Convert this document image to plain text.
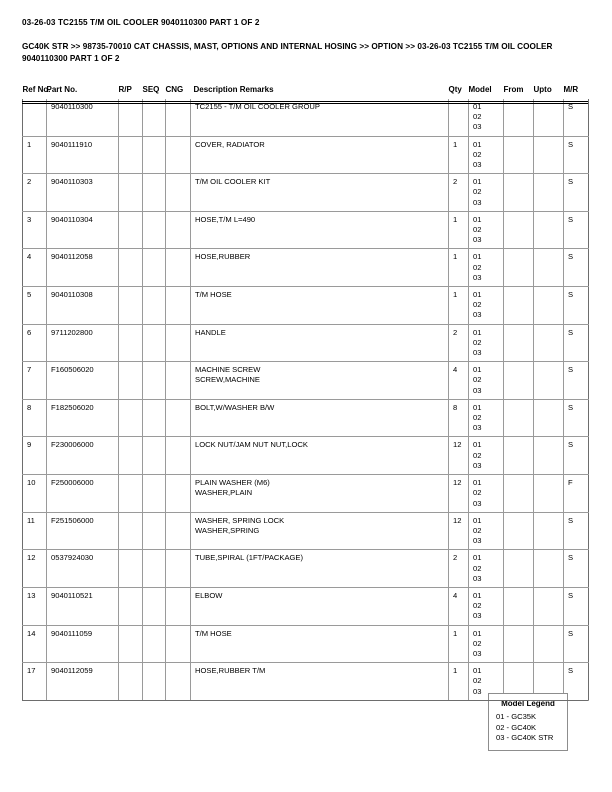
03-26-03 TC2155 T/M OIL COOLER 9040110300 PART 1 OF 2
GC40K STR >> 98735-70010 CAT CHASSIS, MAST, OPTIONS AND INTERNAL HOSING >> OPTION >> 03-26-03 TC2155 T/M OIL COOLER 9040110300 PART 1 OF 2
Ref No.	Part No.	R/P	SEQ	CNG	Description Remarks	Qty	Model	From	Upto	M/R
	9040110300				TC2155 - T/M OIL COOLER GROUP		01
02
03			S
1	9040111910				COVER, RADIATOR	1	01
02
03			S
2	9040110303				T/M OIL COOLER KIT	2	01
02
03			S
3	9040110304				HOSE,T/M L=490	1	01
02
03			S
4	9040112058				HOSE,RUBBER	1	01
02
03			S
5	9040110308				T/M HOSE	1	01
02
03			S
6	9711202800				HANDLE	2	01
02
03			S
7	F160506020				MACHINE SCREW
SCREW,MACHINE	4	01
02
03			S
8	F182506020				BOLT,W/WASHER B/W	8	01
02
03			S
9	F230006000				LOCK NUT/JAM NUT NUT,LOCK	12	01
02
03			S
10	F250006000				PLAIN WASHER (M6)
WASHER,PLAIN	12	01
02
03			F
11	F251506000				WASHER, SPRING LOCK
WASHER,SPRING	12	01
02
03			S
12	0537924030				TUBE,SPIRAL (1FT/PACKAGE)	2	01
02
03			S
13	9040110521				ELBOW	4	01
02
03			S
14	9040111059				T/M HOSE	1	01
02
03			S
17	9040112059				HOSE,RUBBER T/M	1	01
02
03			S
Model Legend
01 - GC35K
02 - GC40K
03 - GC40K STR
